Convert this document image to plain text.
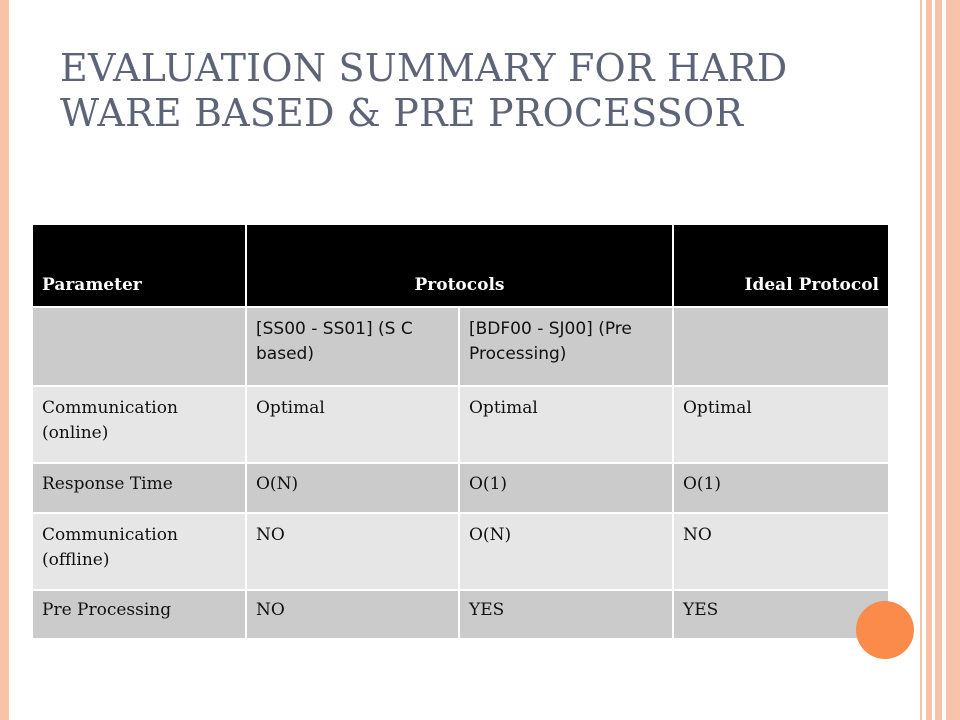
EVALUATION SUMMARY FOR HARD
WARE BASED & PRE PROCESSOR
Parameter	Protocols		Ideal Protocol
	[SS00 - SS01] (S C based)	[BDF00 - SJ00] (Pre Processing)	
Communication (online)	Optimal	Optimal	Optimal
Response Time	O(N)	O(1)	O(1)
Communication (offline)	NO	O(N)	NO
Pre Processing	NO	YES	YES
